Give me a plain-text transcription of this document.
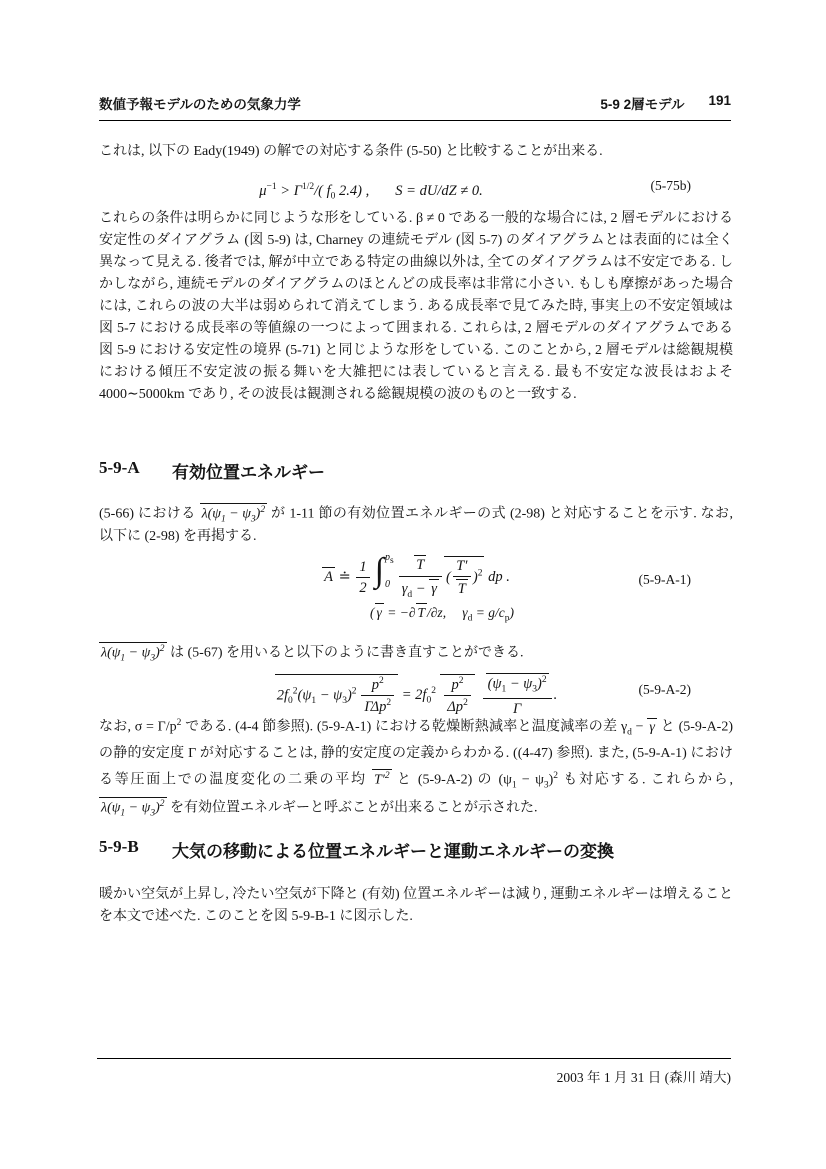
数値予報モデルのための気象力学	5-9 2層モデル 191

これは, 以下の Eady(1949) の解での対応する条件 (5-50) と比較することが出来る.

$\mu^{-1} > \Gamma^{1/2}/$( $f_0$ 2.4) , S = dU/dZ ≠ 0.	(5-75b)

これらの条件は明らかに同じような形をしている. β ≠ 0 である一般的な場合には, 2 層モデルにおける安定性のダイアグラム (図 5-9) は, Charney の連続モデル (図 5-7) のダイアグラムとは表面的には全く異なって見える. 後者では, 解が中立である特定の曲線以外は, 全てのダイアグラムは不安定である. しかしながら, 連続モデルのダイアグラムのほとんどの成長率は非常に小さい. もしも摩擦があった場合には, これらの波の大半は弱められて消えてしまう. ある成長率で見てみた時, 事実上の不安定領域は図 5-7 における成長率の等値線の一つによって囲まれる. これらは, 2 層モデルのダイアグラムである図 5-9 における安定性の境界 (5-71) と同じような形をしている. このことから, 2 層モデルは総観規模における傾圧不安定波の振る舞いを大雑把には表していると言える. 最も不安定な波長はおよそ 4000∼5000km であり, その波長は観測される総観規模の波のものと一致する.

5-9-A	有効位置エネルギー

(5-66) における $\lambda(\psi_1 - \psi_3)^2$ が 1-11 節の有効位置エネルギーの式 (2-98) と対応することを示す. なお, 以下に (2-98) を再掲する.

A ≐ $\frac{1}{2}$ ∫ $p_s$
$0 \frac{T}{\gamma_d - \gamma}$ ( $\frac{T'}{T} )^2$ dp .
( γ = −∂ T /∂z, $\gamma_d = g/c_p$)
(5-9-A-1)

$\lambda(\psi_1 - \psi_3)^2$ は (5-67) を用いると以下のように書き直すことができる.

$2f_0^2(\psi_1 - \psi_3)^2 \frac{p^2}{\Gamma\Delta p^2} = 2f_0^2 \frac{p^2}{\Delta p^2} \frac{(\psi_1 - \psi_3)^2}{\Gamma}$ .	(5-9-A-2)

なお, $\sigma = \Gamma/p^2$ である. (4-4 節参照). (5-9-A-1) における乾燥断熱減率と温度減率の差 $\gamma_d - \gamma$ と (5-9-A-2) の静的安定度 Γ が対応することは, 静的安定度の定義からわかる. ((4-47) 参照). また, (5-9-A-1) における等圧面上での温度変化の二乗の平均 $T'^2$ と (5-9-A-2) の $(\psi_1 - \psi_3)^2$ も対応する. これらから, $\lambda(\psi_1 - \psi_3)^2$ を有効位置エネルギーと呼ぶことが出来ることが示された.

5-9-B	大気の移動による位置エネルギーと運動エネルギーの変換

暖かい空気が上昇し, 冷たい空気が下降と (有効) 位置エネルギーは減り, 運動エネルギーは増えることを本文で述べた. このことを図 5-9-B-1 に図示した.

2003 年 1 月 31 日 (森川 靖大)
